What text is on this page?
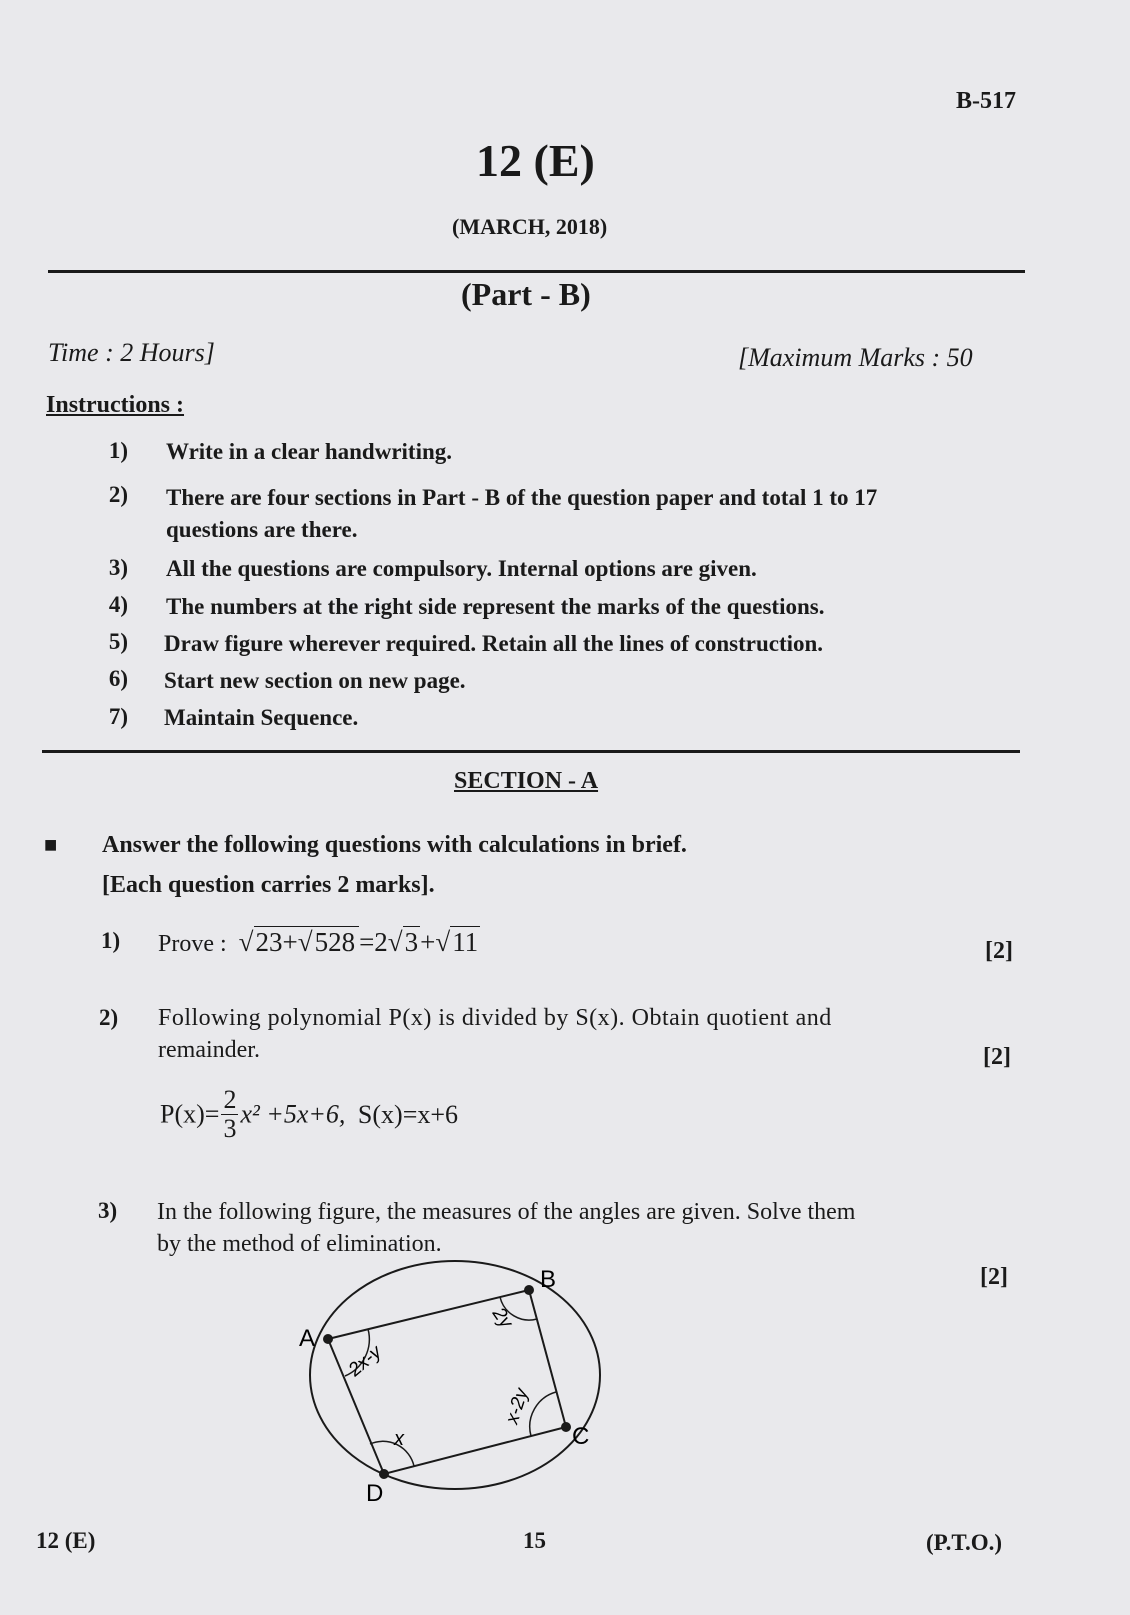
B-517
12 (E)
(MARCH, 2018)
(Part - B)
Time : 2 Hours]	[Maximum Marks : 50
Instructions :
1) Write in a clear handwriting.
2) There are four sections in Part - B of the question paper and total 1 to 17
questions are there.
3) All the questions are compulsory. Internal options are given.
4) The numbers at the right side represent the marks of the questions.
5) Draw figure wherever required. Retain all the lines of construction.
6) Start new section on new page.
7) Maintain Sequence.
SECTION - A
■ Answer the following questions with calculations in brief.
[Each question carries 2 marks].
1) Prove : √23+√528 =2√3+√11	[2]
2) Following polynomial P(x) is divided by S(x). Obtain quotient and
remainder.	[2]
$P(x)= \frac{2}{3} x^2 +5x+6$, S(x)=x+6
3) In the following figure, the measures of the angles are given. Solve them
by the method of elimination.
[2]
A
B
C
D
2x-y
2y
x-2y
x
12 (E)	15	(P.T.O.)
